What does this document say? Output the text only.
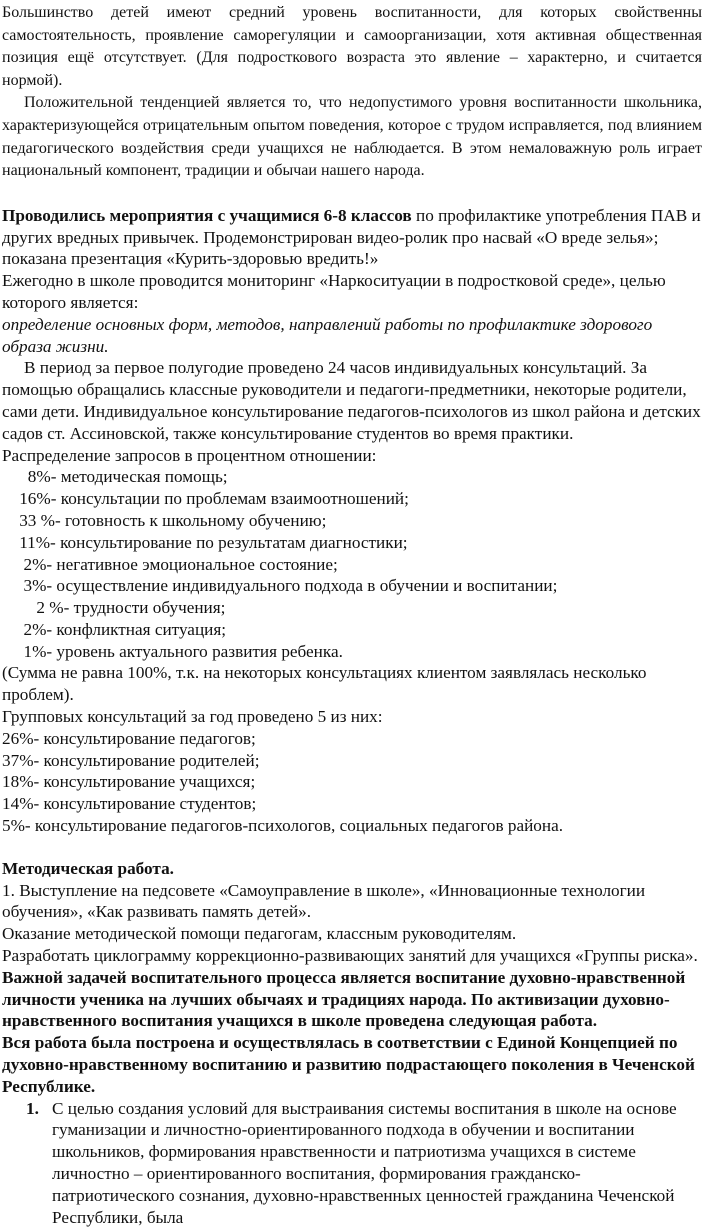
Большинство детей имеют средний уровень воспитанности, для которых свойственны самостоятельность, проявление саморегуляции и самоорганизации, хотя активная общественная позиция ещё отсутствует. (Для подросткового возраста это явление – характерно, и считается нормой).

Положительной тенденцией является то, что недопустимого уровня воспитанности школьника, характеризующейся отрицательным опытом поведения, которое с трудом исправляется, под влиянием педагогического воздействия среди учащихся не наблюдается. В этом немаловажную роль играет национальный компонент, традиции и обычаи нашего народа.

Проводились мероприятия с учащимися 6-8 классов по профилактике употребления ПАВ и других вредных привычек. Продемонстрирован видео-ролик про насвай «О вреде зелья»; показана презентация «Курить-здоровью вредить!»

Ежегодно в школе проводится мониторинг «Наркоситуации в подростковой среде», целью которого является:

определение основных форм, методов, направлений работы по профилактике здорового образа жизни.

В период за первое полугодие проведено 24 часов индивидуальных консультаций. За помощью обращались классные руководители и педагоги-предметники, некоторые родители, сами дети. Индивидуальное консультирование педагогов-психологов из школ района и детских садов ст. Ассиновской, также консультирование студентов во время практики.

Распределение запросов в процентном отношении:

8%- методическая помощь;

16%- консультации по проблемам взаимоотношений;

33 %- готовность к школьному обучению;

11%- консультирование по результатам диагностики;

2%- негативное эмоциональное состояние;

3%- осуществление индивидуального подхода в обучении и воспитании;

2 %- трудности обучения;

2%- конфликтная ситуация;

1%- уровень актуального развития ребенка.

(Сумма не равна 100%, т.к. на некоторых консультациях клиентом заявлялась несколько проблем).

Групповых консультаций за год проведено 5 из них:

26%- консультирование педагогов;

37%- консультирование родителей;

18%- консультирование учащихся;

14%- консультирование студентов;

5%- консультирование педагогов-психологов, социальных педагогов района.

Методическая работа.

1. Выступление на педсовете «Самоуправление в школе», «Инновационные технологии обучения», «Как развивать память детей».

Оказание методической помощи педагогам, классным руководителям.

Разработать циклограмму коррекционно-развивающих занятий для учащихся «Группы риска».

Важной задачей воспитательного процесса является воспитание духовно-нравственной личности ученика на лучших обычаях и традициях народа. По активизации духовно-нравственного воспитания учащихся в школе проведена следующая работа.

Вся работа была построена и осуществлялась в соответствии с Единой Концепцией по духовно-нравственному воспитанию и развитию подрастающего поколения в Чеченской Республике.

1. С целью создания условий для выстраивания системы воспитания в школе на основе гуманизации и личностно-ориентированного подхода в обучении и воспитании школьников, формирования нравственности и патриотизма учащихся в системе личностно – ориентированного воспитания, формирования гражданско-патриотического сознания, духовно-нравственных ценностей гражданина Чеченской Республики, была
